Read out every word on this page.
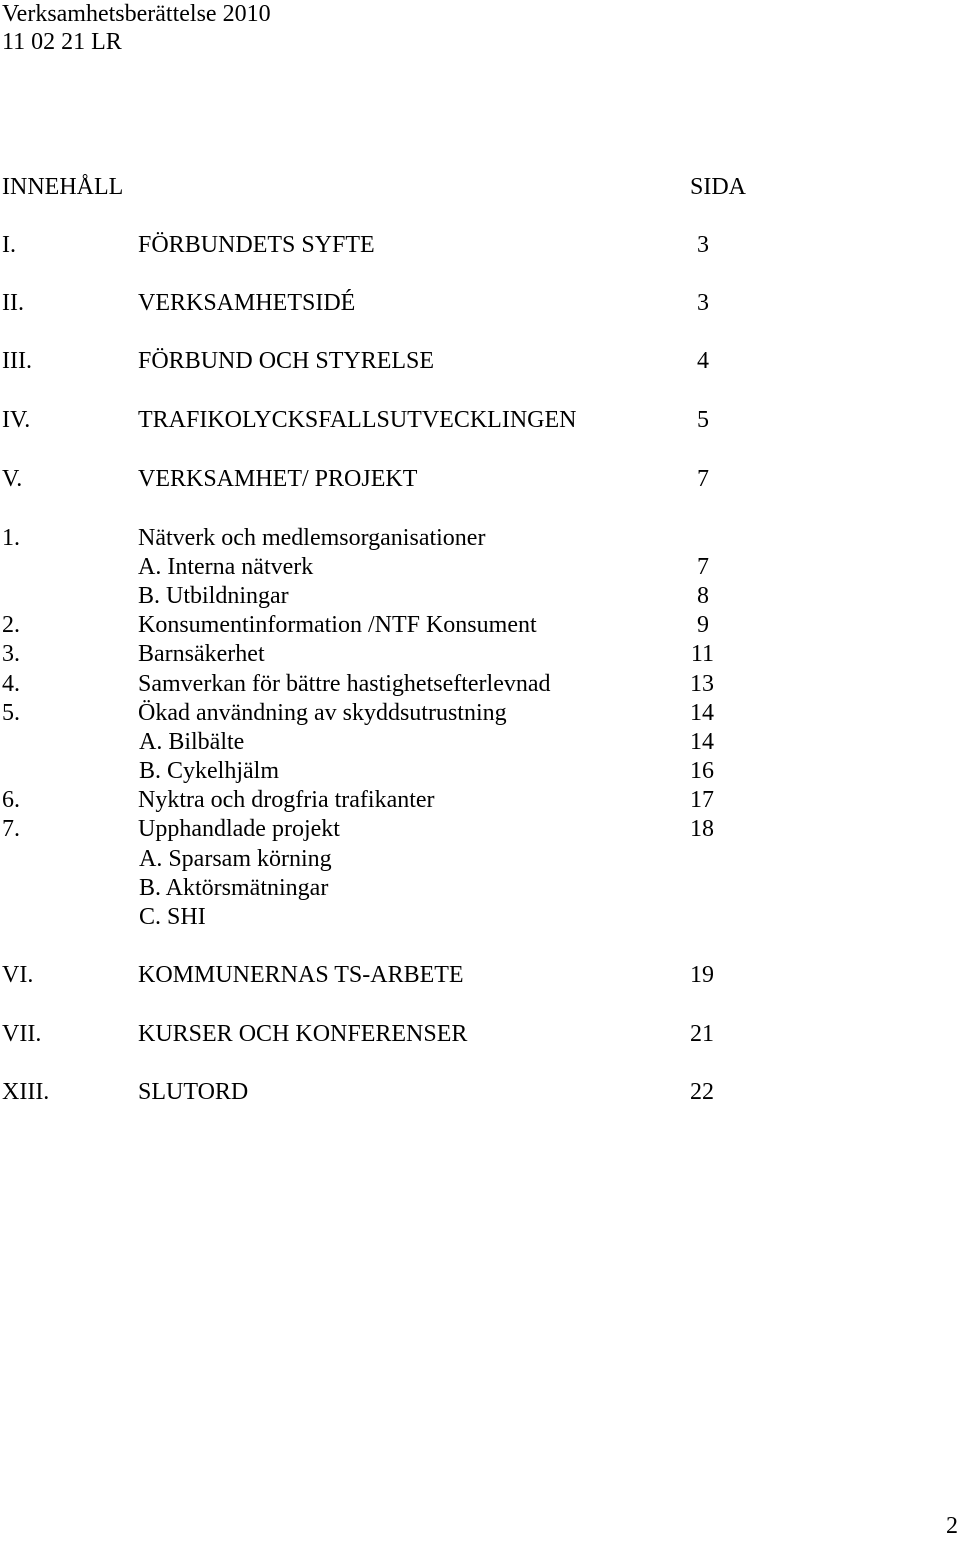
Verksamhetsberättelse 2010
11 02 21 LR
INNEHÅLL	SIDA
I.	FÖRBUNDETS SYFTE	3
II.	VERKSAMHETSIDÉ	3
III.	FÖRBUND OCH STYRELSE	4
IV.	TRAFIKOLYCKSFALLSUTVECKLINGEN	5
V.	VERKSAMHET/ PROJEKT	7
1.	Nätverk och medlemsorganisationer
A. Interna nätverk	7
B. Utbildningar	8
2.	Konsumentinformation /NTF Konsument	9
3.	Barnsäkerhet	11
4.	Samverkan för bättre hastighetsefterlevnad	13
5.	Ökad användning av skyddsutrustning	14
A. Bilbälte	14
B. Cykelhjälm	16
6.	Nyktra och drogfria trafikanter	17
7.	Upphandlade projekt	18
A. Sparsam körning
B. Aktörsmätningar
C. SHI
VI.	KOMMUNERNAS TS-ARBETE	19
VII.	KURSER OCH KONFERENSER	21
XIII.	SLUTORD	22
2
